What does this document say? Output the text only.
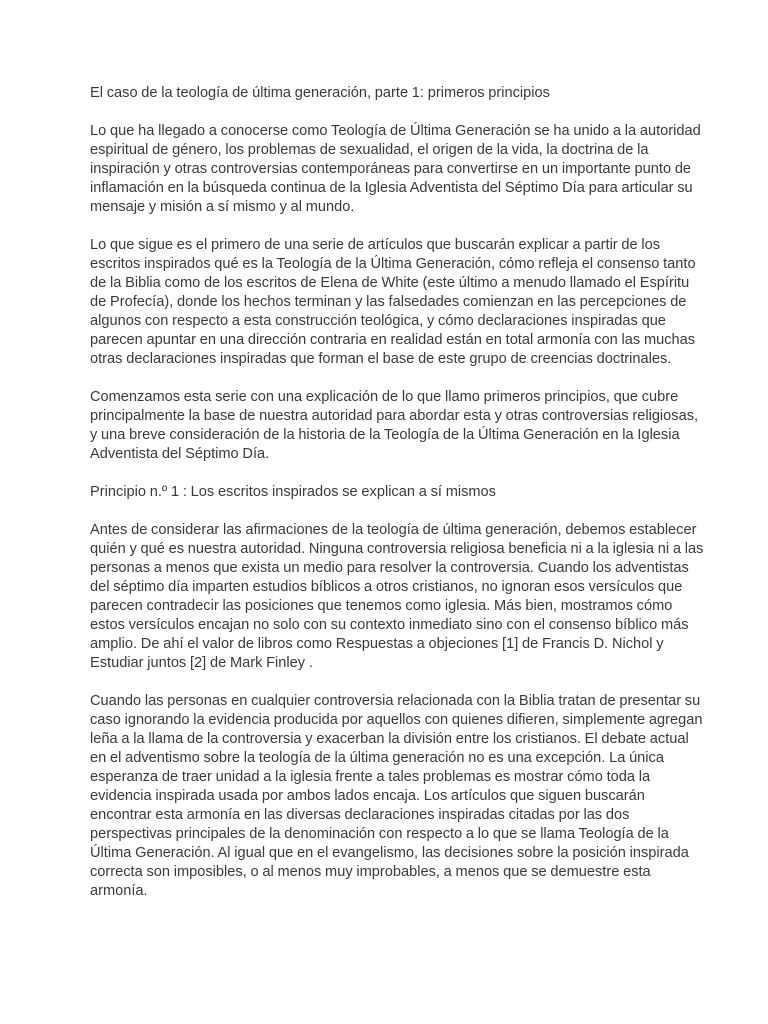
El caso de la teología de última generación, parte 1: primeros principios

Lo que ha llegado a conocerse como Teología de Última Generación se ha unido a la autoridad
espiritual de género, los problemas de sexualidad, el origen de la vida, la doctrina de la
inspiración y otras controversias contemporáneas para convertirse en un importante punto de
inflamación en la búsqueda continua de la Iglesia Adventista del Séptimo Día para articular su
mensaje y misión a sí mismo y al mundo.

Lo que sigue es el primero de una serie de artículos que buscarán explicar a partir de los
escritos inspirados qué es la Teología de la Última Generación, cómo refleja el consenso tanto
de la Biblia como de los escritos de Elena de White (este último a menudo llamado el Espíritu
de Profecía), donde los hechos terminan y las falsedades comienzan en las percepciones de
algunos con respecto a esta construcción teológica, y cómo declaraciones inspiradas que
parecen apuntar en una dirección contraria en realidad están en total armonía con las muchas
otras declaraciones inspiradas que forman el base de este grupo de creencias doctrinales.

Comenzamos esta serie con una explicación de lo que llamo primeros principios, que cubre
principalmente la base de nuestra autoridad para abordar esta y otras controversias religiosas,
y una breve consideración de la historia de la Teología de la Última Generación en la Iglesia
Adventista del Séptimo Día.

Principio n.º 1 : Los escritos inspirados se explican a sí mismos

Antes de considerar las afirmaciones de la teología de última generación, debemos establecer
quién y qué es nuestra autoridad. Ninguna controversia religiosa beneficia ni a la iglesia ni a las
personas a menos que exista un medio para resolver la controversia. Cuando los adventistas
del séptimo día imparten estudios bíblicos a otros cristianos, no ignoran esos versículos que
parecen contradecir las posiciones que tenemos como iglesia. Más bien, mostramos cómo
estos versículos encajan no solo con su contexto inmediato sino con el consenso bíblico más
amplio. De ahí el valor de libros como Respuestas a objeciones [1] de Francis D. Nichol y
Estudiar juntos [2] de Mark Finley .

Cuando las personas en cualquier controversia relacionada con la Biblia tratan de presentar su
caso ignorando la evidencia producida por aquellos con quienes difieren, simplemente agregan
leña a la llama de la controversia y exacerban la división entre los cristianos. El debate actual
en el adventismo sobre la teología de la última generación no es una excepción. La única
esperanza de traer unidad a la iglesia frente a tales problemas es mostrar cómo toda la
evidencia inspirada usada por ambos lados encaja. Los artículos que siguen buscarán
encontrar esta armonía en las diversas declaraciones inspiradas citadas por las dos
perspectivas principales de la denominación con respecto a lo que se llama Teología de la
Última Generación. Al igual que en el evangelismo, las decisiones sobre la posición inspirada
correcta son imposibles, o al menos muy improbables, a menos que se demuestre esta
armonía.
